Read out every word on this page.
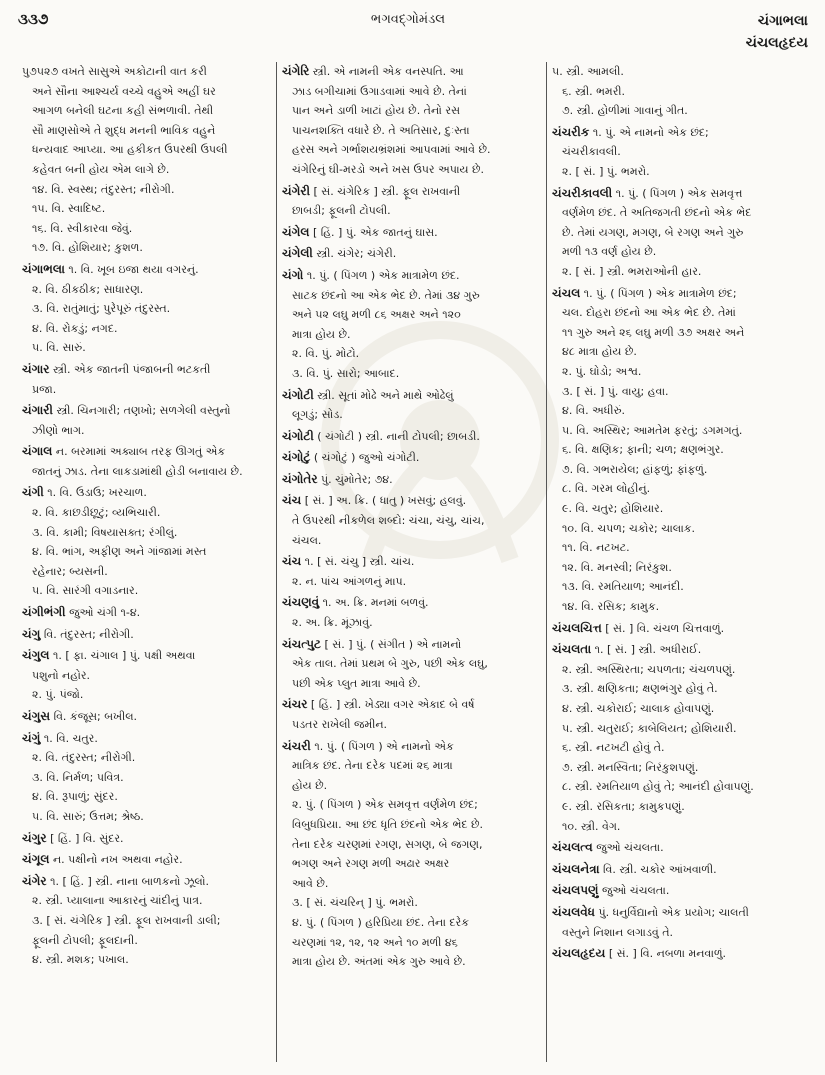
૩૩૭	ભગવદ્ગોમંડલ	ચંગાભલા
ચંચલહૃદય
પુ૭૫૨૭ વખતે સાસુએ અકોટાની વાત કરી
અને સૌના આશ્ચર્ય વચ્ચે વહુએ અહીં ઘર
આગળ બનેલી ઘટના કહી સંભળાવી. તેથી
સૌ માણસોએ તે શુદ્ધ મનની ભાવિક વહુને
ધન્યવાદ આપ્યા. આ હકીકત ઉપરથી ઉપલી
કહેવત બની હોય એમ લાગે છે.
૧૪. વિ. સ્વસ્થ; તંદુરસ્ત; નીરોગી.
૧૫. વિ. સ્વાદિષ્ટ.
૧૬. વિ. સ્વીકારવા જેવું.
૧૭. વિ. હોશિયાર; કુશળ.
ચંગાભલા ૧. વિ. ખૂબ ઇજા થયા વગરનું.
૨. વિ. ઠીકઠીક; સાધારણ.
૩. વિ. રાતુંમાતું; પુરેપૂરું તંદુરસ્ત.
૪. વિ. રોકડું; નગદ.
૫. વિ. સારું.
ચંગાર સ્ત્રી. એક જાતની પંજાબની ભટકતી
પ્રજા.
ચંગારી સ્ત્રી. ચિનગારી; તણખો; સળગેલી વસ્તુનો
ઝીણો ભાગ.
ચંગાલ ન. બરમામાં અક્યાબ તરફ ઊગતું એક
જાતનું ઝાડ. તેના લાકડામાંથી હોડી બનાવાય છે.
ચંગી ૧. વિ. ઉડાઉ; ખરચાળ.
૨. વિ. કાછડીછૂટું; વ્યભિચારી.
૩. વિ. કામી; વિષયાસક્ત; રંગીલું.
૪. વિ. ભાંગ, અફીણ અને ગાંજામાં મસ્ત
રહેનાર; બ્યસની.
૫. વિ. સારંગી વગાડનાર.
ચંગીભંગી જુઓ ચંગી ૧-૪.
ચંગુ વિ. તંદુરસ્ત; નીરોગી.
ચંગુલ ૧. [ ફા. ચંગાલ ] પું. પક્ષી અથવા
પશુનો નહોર.
૨. પું. પંજો.
ચંગુસ વિ. કંજૂસ; બખીલ.
ચંગું ૧. વિ. ચતુર.
૨. વિ. તંદુરસ્ત; નીરોગી.
૩. વિ. નિર્મળ; પવિત્ર.
૪. વિ. રૂપાળું; સુંદર.
૫. વિ. સારું; ઉત્તમ; શ્રેષ્ઠ.
ચંગુર [ હિં. ] વિ. સુંદર.
ચંગૂલ ન. પક્ષીનો નખ અથવા નહોર.
ચંગેર ૧. [ હિં. ] સ્ત્રી. નાના બાળકનો ઝૂલો.
૨. સ્ત્રી. પ્યાલાના આકારનું ચાંદીનું પાત્ર.
૩. [ સં. ચંગેરિક ] સ્ત્રી. ફૂલ રાખવાની ડાલી;
ફૂલની ટોપલી; ફૂલદાની.
૪. સ્ત્રી. મશક; પખાલ.
ચંગેરિ સ્ત્રી. એ નામની એક વનસ્પતિ. આ
ઝાડ બગીચામાં ઉગાડવામાં આવે છે. તેનાં
પાન અને ડાળી ખાટાં હોય છે. તેનો રસ
પાચનશક્તિ વધારે છે. તે અતિસાર, દુઃસ્તા
હરસ અને ગર્ભાશયભ્રંશમાં આપવામાં આવે છે.
ચંગેરિનું ઘી-મરડો અને ખસ ઉપર અપાય છે.
ચંગેરી [ સં. ચંગેરિક ] સ્ત્રી. ફૂલ રાખવાની
છાબડી; ફૂલની ટોપલી.
ચંગેલ [ હિં. ] પું. એક જાતનું ઘાસ.
ચંગેલી સ્ત્રી. ચંગેર; ચંગેરી.
ચંગો ૧. પું. ( પિંગળ ) એક માત્રામેળ છંદ.
સાટક છંદનો આ એક ભેદ છે. તેમાં ૩૪ ગુરુ
અને ૫૨ લઘુ મળી ૮૬ અક્ષર અને ૧૨૦
માત્રા હોય છે.
૨. વિ. પું. મોટો.
૩. વિ. પું. સારો; આબાદ.
ચંગોટી સ્ત્રી. સૂતાં મોઢે અને માથે ઓઢેલું
લૂગડું; સોડ.
ચંગોટી ( ચંગોટી ) સ્ત્રી. નાની ટોપલી; છાબડી.
ચંગોટું ( ચંગોટું ) જુઓ ચંગોટી.
ચંગોતેર પું. ચુંમોતેર; ૭૪.
ચંચ [ સં. ] અ. ક્રિ. ( ધાતુ ) ખસવું; હલવું.
તે ઉપરથી નીકળેલ શબ્દો: ચંચા, ચંચુ, ચાંચ,
ચંચલ.
ચંચ ૧. [ સં. ચંચુ ] સ્ત્રી. ચાંચ.
૨. ન. પાંચ આંગળનું માપ.
ચંચણવું ૧. અ. ક્રિ. મનમાં બળવું.
૨. અ. ક્રિ. મૂંઝાવું.
ચંચત્પુટ [ સં. ] પું. ( સંગીત ) એ નામનો
એક તાલ. તેમાં પ્રથમ બે ગુરુ, પછી એક લઘુ,
પછી એક પ્લુત માત્રા આવે છે.
ચંચર [ હિં. ] સ્ત્રી. ખેડ્યા વગર એકાદ બે વર્ષ
પડતર રાખેલી જમીન.
ચંચરી ૧. પું. ( પિંગળ ) એ નામનો એક
માત્રિક છંદ. તેના દરેક પદમાં ૨૬ માત્રા
હોય છે.
૨. પું. ( પિંગળ ) એક સમવૃત્ત વર્ણમેળ છંદ;
વિબુધપ્રિયા. આ છંદ ધૃતિ છંદનો એક ભેદ છે.
તેના દરેક ચરણમાં રગણ, સગણ, બે જગણ,
ભગણ અને રગણ મળી અઢાર અક્ષર
આવે છે.
૩. [ સં. ચંચરિન્ ] પું. ભમરો.
૪. પું. ( પિંગળ ) હરિપ્રિયા છંદ. તેના દરેક
ચરણમાં ૧૨, ૧૨, ૧૨ અને ૧૦ મળી ૪૬
માત્રા હોય છે. અંતમાં એક ગુરુ આવે છે.
૫. સ્ત્રી. આમલી.
૬. સ્ત્રી. ભમરી.
૭. સ્ત્રી. હોળીમાં ગાવાનું ગીત.
ચંચરીક ૧. પું. એ નામનો એક છંદ;
ચંચરીકાવલી.
૨. [ સં. ] પું. ભમરો.
ચંચરીકાવલી ૧. પું. ( પિંગળ ) એક સમવૃત્ત
વર્ણમેળ છંદ. તે અતિજગતી છંદનો એક ભેદ
છે. તેમાં યગણ, મગણ, બે રગણ અને ગુરુ
મળી ૧૩ વર્ણ હોય છે.
૨. [ સં. ] સ્ત્રી. ભમરાઓની હાર.
ચંચલ ૧. પું. ( પિંગળ ) એક માત્રામેળ છંદ;
ચલ. દોહરા છંદનો આ એક ભેદ છે. તેમાં
૧૧ ગુરુ અને ૨૬ લઘુ મળી ૩૭ અક્ષર અને
૪૮ માત્રા હોય છે.
૨. પું. ઘોડો; અશ્વ.
૩. [ સં. ] પું. વાયુ; હવા.
૪. વિ. અધીરું.
૫. વિ. અસ્થિર; આમતેમ ફરતું; ડગમગતું.
૬. વિ. ક્ષણિક; ફાની; ચળ; ક્ષણભંગુર.
૭. વિ. ગભરાયેલ; હાંફળું; ફાંફળું.
૮. વિ. ગરમ લોહીનું.
૯. વિ. ચતુર; હોશિયાર.
૧૦. વિ. ચપળ; ચકોર; ચાલાક.
૧૧. વિ. નટખટ.
૧૨. વિ. મનસ્વી; નિરંકુશ.
૧૩. વિ. રમતિયાળ; આનંદી.
૧૪. વિ. રસિક; કામુક.
ચંચલચિત્ત [ સં. ] વિ. ચંચળ ચિત્તવાળું.
ચંચલતા ૧. [ સં. ] સ્ત્રી. અધીરાઈ.
૨. સ્ત્રી. અસ્થિરતા; ચપળતા; ચંચળપણું.
૩. સ્ત્રી. ક્ષણિકતા; ક્ષણભંગુર હોવું તે.
૪. સ્ત્રી. ચકોરાઈ; ચાલાક હોવાપણું.
૫. સ્ત્રી. ચતુરાઈ; કાબેલિયત; હોશિયારી.
૬. સ્ત્રી. નટખટી હોવું તે.
૭. સ્ત્રી. મનસ્વિતા; નિરંકુશપણું.
૮. સ્ત્રી. રમતિયાળ હોવું તે; આનંદી હોવાપણું.
૯. સ્ત્રી. રસિકતા; કામુકપણું.
૧૦. સ્ત્રી. વેગ.
ચંચલત્વ જુઓ ચંચલતા.
ચંચલનેત્રા વિ. સ્ત્રી. ચકોર આંખવાળી.
ચંચલપણું જુઓ ચંચલતા.
ચંચલવેધ પું. ધનુર્વિદ્યાનો એક પ્રયોગ; ચાલતી
વસ્તુને નિશાન લગાડવું તે.
ચંચલહૃદય [ સં. ] વિ. નબળા મનવાળું.
